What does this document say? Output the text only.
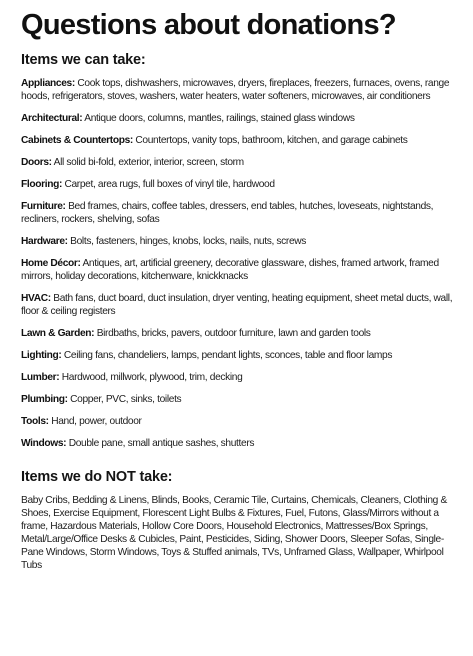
Questions about donations?
Items we can take:
Appliances: Cook tops, dishwashers, microwaves, dryers, fireplaces, freezers, furnaces, ovens, range hoods, refrigerators, stoves, washers, water heaters, water softeners, microwaves, air conditioners
Architectural: Antique doors, columns, mantles, railings, stained glass windows
Cabinets & Countertops: Countertops, vanity tops, bathroom, kitchen, and garage cabinets
Doors: All solid bi-fold, exterior, interior, screen, storm
Flooring: Carpet, area rugs, full boxes of vinyl tile, hardwood
Furniture: Bed frames, chairs, coffee tables, dressers, end tables, hutches, loveseats, nightstands, recliners, rockers, shelving, sofas
Hardware: Bolts, fasteners, hinges, knobs, locks, nails, nuts, screws
Home Décor: Antiques, art, artificial greenery, decorative glassware, dishes, framed artwork, framed mirrors, holiday decorations, kitchenware, knickknacks
HVAC: Bath fans, duct board, duct insulation, dryer venting, heating equipment, sheet metal ducts, wall, floor & ceiling registers
Lawn & Garden: Birdbaths, bricks, pavers, outdoor furniture, lawn and garden tools
Lighting: Ceiling fans, chandeliers, lamps, pendant lights, sconces, table and floor lamps
Lumber: Hardwood, millwork, plywood, trim, decking
Plumbing: Copper, PVC, sinks, toilets
Tools: Hand, power, outdoor
Windows: Double pane, small antique sashes, shutters
Items we do NOT take:

Baby Cribs, Bedding & Linens, Blinds, Books, Ceramic Tile, Curtains, Chemicals, Cleaners, Clothing & Shoes, Exercise Equipment, Florescent Light Bulbs & Fixtures, Fuel, Futons, Glass/Mirrors without a frame, Hazardous Materials, Hollow Core Doors, Household Electronics, Mattresses/Box Springs, Metal/Large/Office Desks & Cubicles, Paint, Pesticides, Siding, Shower Doors, Sleeper Sofas, Single-Pane Windows, Storm Windows, Toys & Stuffed animals, TVs, Unframed Glass, Wallpaper, Whirlpool Tubs
